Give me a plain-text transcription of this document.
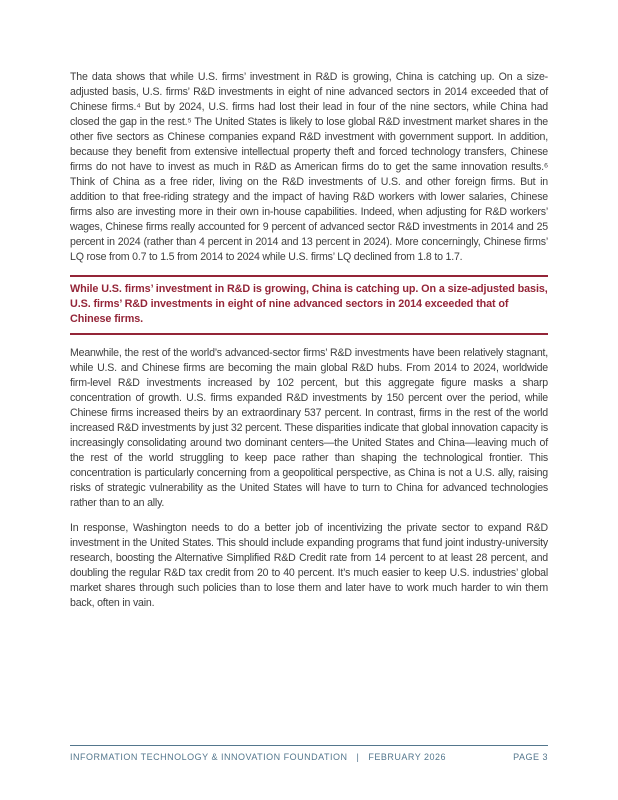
The data shows that while U.S. firms’ investment in R&D is growing, China is catching up. On a size-adjusted basis, U.S. firms’ R&D investments in eight of nine advanced sectors in 2014 exceeded that of Chinese firms.⁴ But by 2024, U.S. firms had lost their lead in four of the nine sectors, while China had closed the gap in the rest.⁵ The United States is likely to lose global R&D investment market shares in the other five sectors as Chinese companies expand R&D investment with government support. In addition, because they benefit from extensive intellectual property theft and forced technology transfers, Chinese firms do not have to invest as much in R&D as American firms do to get the same innovation results.⁶ Think of China as a free rider, living on the R&D investments of U.S. and other foreign firms. But in addition to that free-riding strategy and the impact of having R&D workers with lower salaries, Chinese firms also are investing more in their own in-house capabilities. Indeed, when adjusting for R&D workers’ wages, Chinese firms really accounted for 9 percent of advanced sector R&D investments in 2014 and 25 percent in 2024 (rather than 4 percent in 2014 and 13 percent in 2024). More concerningly, Chinese firms’ LQ rose from 0.7 to 1.5 from 2014 to 2024 while U.S. firms’ LQ declined from 1.8 to 1.7.

While U.S. firms’ investment in R&D is growing, China is catching up. On a size-adjusted basis, U.S. firms’ R&D investments in eight of nine advanced sectors in 2014 exceeded that of Chinese firms.

Meanwhile, the rest of the world’s advanced-sector firms’ R&D investments have been relatively stagnant, while U.S. and Chinese firms are becoming the main global R&D hubs. From 2014 to 2024, worldwide firm-level R&D investments increased by 102 percent, but this aggregate figure masks a sharp concentration of growth. U.S. firms expanded R&D investments by 150 percent over the period, while Chinese firms increased theirs by an extraordinary 537 percent. In contrast, firms in the rest of the world increased R&D investments by just 32 percent. These disparities indicate that global innovation capacity is increasingly consolidating around two dominant centers—the United States and China—leaving much of the rest of the world struggling to keep pace rather than shaping the technological frontier. This concentration is particularly concerning from a geopolitical perspective, as China is not a U.S. ally, raising risks of strategic vulnerability as the United States will have to turn to China for advanced technologies rather than to an ally.

In response, Washington needs to do a better job of incentivizing the private sector to expand R&D investment in the United States. This should include expanding programs that fund joint industry-university research, boosting the Alternative Simplified R&D Credit rate from 14 percent to at least 28 percent, and doubling the regular R&D tax credit from 20 to 40 percent. It’s much easier to keep U.S. industries’ global market shares through such policies than to lose them and later have to work much harder to win them back, often in vain.

INFORMATION TECHNOLOGY & INNOVATION FOUNDATION | FEBRUARY 2026	PAGE 3
